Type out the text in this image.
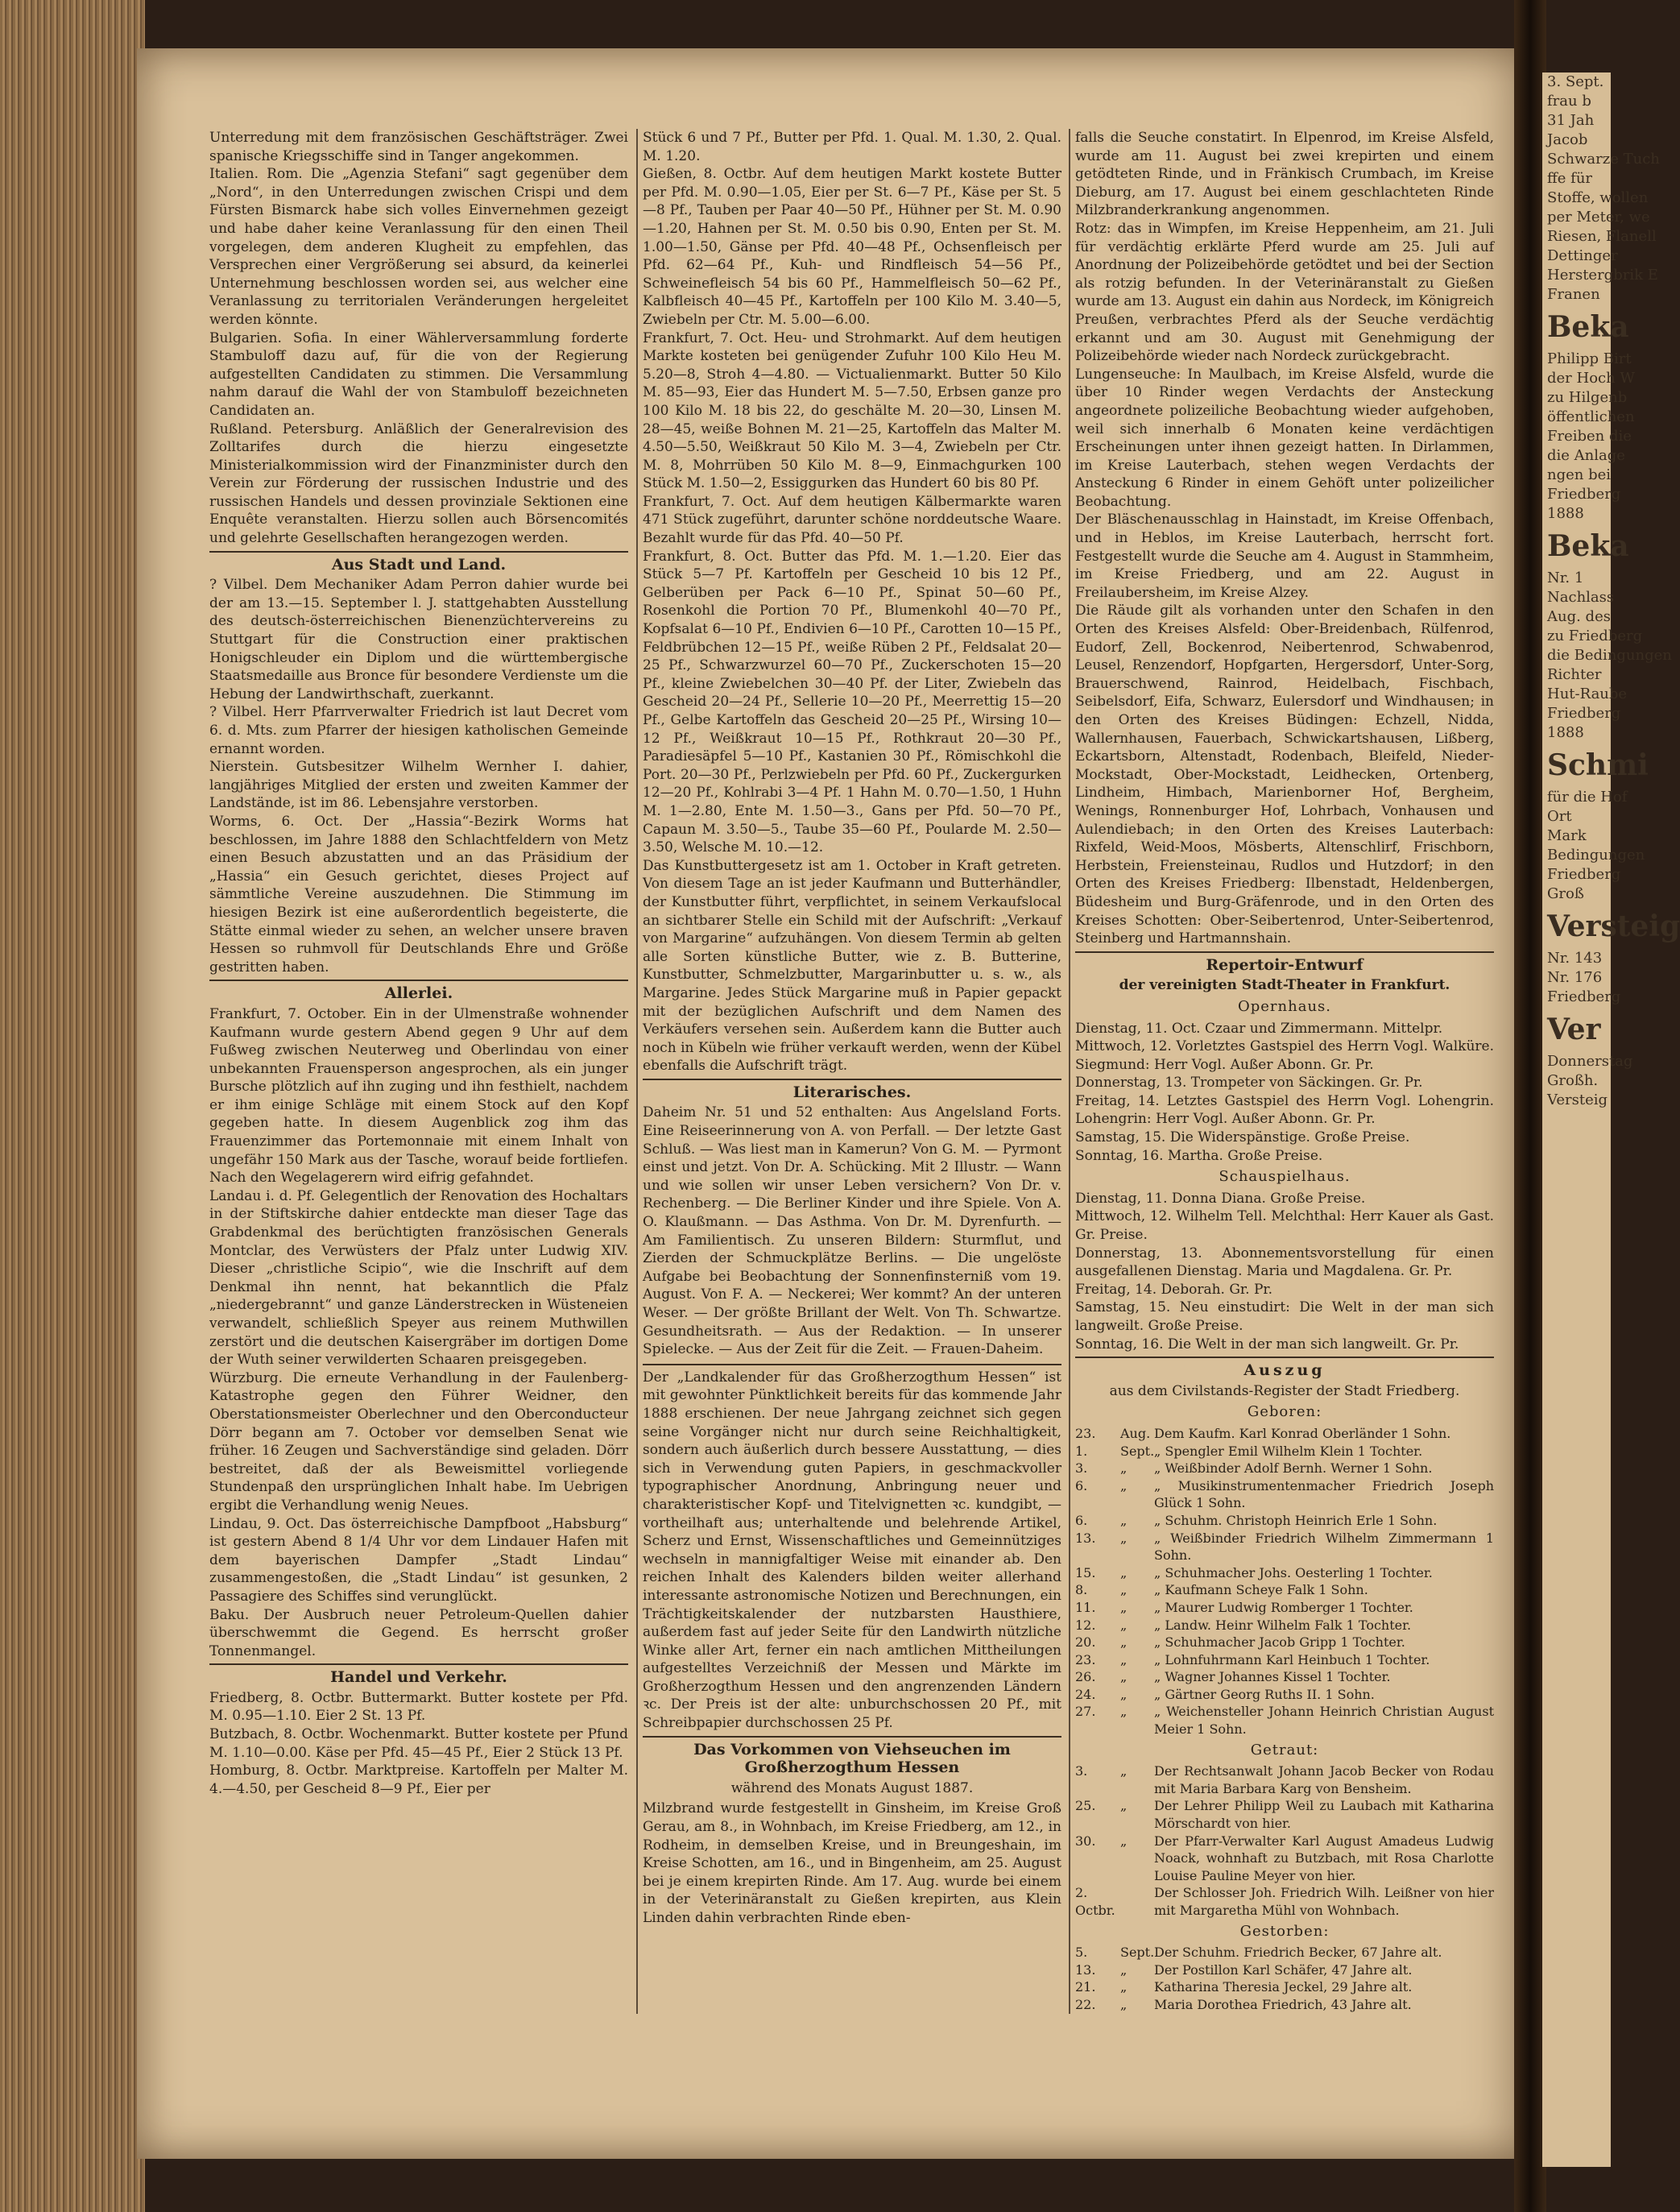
Unterredung mit dem französischen Geschäftsträger. Zwei spanische Kriegsschiffe sind in Tanger angekommen.

Italien. Rom. Die „Agenzia Stefani“ sagt gegenüber dem „Nord“, in den Unterredungen zwischen Crispi und dem Fürsten Bismarck habe sich volles Einvernehmen gezeigt und habe daher keine Veranlassung für den einen Theil vorgelegen, dem anderen Klugheit zu empfehlen, das Versprechen einer Vergrößerung sei absurd, da keinerlei Unternehmung beschlossen worden sei, aus welcher eine Veranlassung zu territorialen Veränderungen hergeleitet werden könnte.

Bulgarien. Sofia. In einer Wählerversammlung forderte Stambuloff dazu auf, für die von der Regierung aufgestellten Candidaten zu stimmen. Die Versammlung nahm darauf die Wahl der von Stambuloff bezeichneten Candidaten an.

Rußland. Petersburg. Anläßlich der Generalrevision des Zolltarifes durch die hierzu eingesetzte Ministerialkommission wird der Finanzminister durch den Verein zur Förderung der russischen Industrie und des russischen Handels und dessen provinziale Sektionen eine Enquête veranstalten. Hierzu sollen auch Börsencomités und gelehrte Gesellschaften herangezogen werden.

Aus Stadt und Land.

? Vilbel. Dem Mechaniker Adam Perron dahier wurde bei der am 13.—15. September l. J. stattgehabten Ausstellung des deutsch-österreichischen Bienenzüchtervereins zu Stuttgart für die Construction einer praktischen Honigschleuder ein Diplom und die württembergische Staatsmedaille aus Bronce für besondere Verdienste um die Hebung der Landwirthschaft, zuerkannt.

? Vilbel. Herr Pfarrverwalter Friedrich ist laut Decret vom 6. d. Mts. zum Pfarrer der hiesigen katholischen Gemeinde ernannt worden.

Nierstein. Gutsbesitzer Wilhelm Wernher I. dahier, langjähriges Mitglied der ersten und zweiten Kammer der Landstände, ist im 86. Lebensjahre verstorben.

Worms, 6. Oct. Der „Hassia“-Bezirk Worms hat beschlossen, im Jahre 1888 den Schlachtfeldern von Metz einen Besuch abzustatten und an das Präsidium der „Hassia“ ein Gesuch gerichtet, dieses Project auf sämmtliche Vereine auszudehnen. Die Stimmung im hiesigen Bezirk ist eine außerordentlich begeisterte, die Stätte einmal wieder zu sehen, an welcher unsere braven Hessen so ruhmvoll für Deutschlands Ehre und Größe gestritten haben.

Allerlei.

Frankfurt, 7. October. Ein in der Ulmenstraße wohnender Kaufmann wurde gestern Abend gegen 9 Uhr auf dem Fußweg zwischen Neuterweg und Oberlindau von einer unbekannten Frauensperson angesprochen, als ein junger Bursche plötzlich auf ihn zuging und ihn festhielt, nachdem er ihm einige Schläge mit einem Stock auf den Kopf gegeben hatte. In diesem Augenblick zog ihm das Frauenzimmer das Portemonnaie mit einem Inhalt von ungefähr 150 Mark aus der Tasche, worauf beide fortliefen. Nach den Wegelagerern wird eifrig gefahndet.

Landau i. d. Pf. Gelegentlich der Renovation des Hochaltars in der Stiftskirche dahier entdeckte man dieser Tage das Grabdenkmal des berüchtigten französischen Generals Montclar, des Verwüsters der Pfalz unter Ludwig XIV. Dieser „christliche Scipio“, wie die Inschrift auf dem Denkmal ihn nennt, hat bekanntlich die Pfalz „niedergebrannt“ und ganze Länderstrecken in Wüsteneien verwandelt, schließlich Speyer aus reinem Muthwillen zerstört und die deutschen Kaisergräber im dortigen Dome der Wuth seiner verwilderten Schaaren preisgegeben.

Würzburg. Die erneute Verhandlung in der Faulenberg-Katastrophe gegen den Führer Weidner, den Oberstationsmeister Oberlechner und den Oberconducteur Dörr begann am 7. October vor demselben Senat wie früher. 16 Zeugen und Sachverständige sind geladen. Dörr bestreitet, daß der als Beweismittel vorliegende Stundenpaß den ursprünglichen Inhalt habe. Im Uebrigen ergibt die Verhandlung wenig Neues.

Lindau, 9. Oct. Das österreichische Dampfboot „Habsburg“ ist gestern Abend 8 1/4 Uhr vor dem Lindauer Hafen mit dem bayerischen Dampfer „Stadt Lindau“ zusammengestoßen, die „Stadt Lindau“ ist gesunken, 2 Passagiere des Schiffes sind verunglückt.

Baku. Der Ausbruch neuer Petroleum-Quellen dahier überschwemmt die Gegend. Es herrscht großer Tonnenmangel.

Handel und Verkehr.

Friedberg, 8. Octbr. Buttermarkt. Butter kostete per Pfd. M. 0.95—1.10. Eier 2 St. 13 Pf.

Butzbach, 8. Octbr. Wochenmarkt. Butter kostete per Pfund M. 1.10—0.00. Käse per Pfd. 45—45 Pf., Eier 2 Stück 13 Pf.

Homburg, 8. Octbr. Marktpreise. Kartoffeln per Malter M. 4.—4.50, per Gescheid 8—9 Pf., Eier per

Stück 6 und 7 Pf., Butter per Pfd. 1. Qual. M. 1.30, 2. Qual. M. 1.20.

Gießen, 8. Octbr. Auf dem heutigen Markt kostete Butter per Pfd. M. 0.90—1.05, Eier per St. 6—7 Pf., Käse per St. 5—8 Pf., Tauben per Paar 40—50 Pf., Hühner per St. M. 0.90—1.20, Hahnen per St. M. 0.50 bis 0.90, Enten per St. M. 1.00—1.50, Gänse per Pfd. 40—48 Pf., Ochsenfleisch per Pfd. 62—64 Pf., Kuh- und Rindfleisch 54—56 Pf., Schweinefleisch 54 bis 60 Pf., Hammelfleisch 50—62 Pf., Kalbfleisch 40—45 Pf., Kartoffeln per 100 Kilo M. 3.40—5, Zwiebeln per Ctr. M. 5.00—6.00.

Frankfurt, 7. Oct. Heu- und Strohmarkt. Auf dem heutigen Markte kosteten bei genügender Zufuhr 100 Kilo Heu M. 5.20—8, Stroh 4—4.80. — Victualienmarkt. Butter 50 Kilo M. 85—93, Eier das Hundert M. 5—7.50, Erbsen ganze pro 100 Kilo M. 18 bis 22, do geschälte M. 20—30, Linsen M. 28—45, weiße Bohnen M. 21—25, Kartoffeln das Malter M. 4.50—5.50, Weißkraut 50 Kilo M. 3—4, Zwiebeln per Ctr. M. 8, Mohrrüben 50 Kilo M. 8—9, Einmachgurken 100 Stück M. 1.50—2, Essiggurken das Hundert 60 bis 80 Pf.

Frankfurt, 7. Oct. Auf dem heutigen Kälbermarkte waren 471 Stück zugeführt, darunter schöne norddeutsche Waare. Bezahlt wurde für das Pfd. 40—50 Pf.

Frankfurt, 8. Oct. Butter das Pfd. M. 1.—1.20. Eier das Stück 5—7 Pf. Kartoffeln per Gescheid 10 bis 12 Pf., Gelberüben per Pack 6—10 Pf., Spinat 50—60 Pf., Rosenkohl die Portion 70 Pf., Blumenkohl 40—70 Pf., Kopfsalat 6—10 Pf., Endivien 6—10 Pf., Carotten 10—15 Pf., Feldbrübchen 12—15 Pf., weiße Rüben 2 Pf., Feldsalat 20—25 Pf., Schwarzwurzel 60—70 Pf., Zuckerschoten 15—20 Pf., kleine Zwiebelchen 30—40 Pf. der Liter, Zwiebeln das Gescheid 20—24 Pf., Sellerie 10—20 Pf., Meerrettig 15—20 Pf., Gelbe Kartoffeln das Gescheid 20—25 Pf., Wirsing 10—12 Pf., Weißkraut 10—15 Pf., Rothkraut 20—30 Pf., Paradiesäpfel 5—10 Pf., Kastanien 30 Pf., Römischkohl die Port. 20—30 Pf., Perlzwiebeln per Pfd. 60 Pf., Zuckergurken 12—20 Pf., Kohlrabi 3—4 Pf. 1 Hahn M. 0.70—1.50, 1 Huhn M. 1—2.80, Ente M. 1.50—3., Gans per Pfd. 50—70 Pf., Capaun M. 3.50—5., Taube 35—60 Pf., Poularde M. 2.50—3.50, Welsche M. 10.—12.

Das Kunstbuttergesetz ist am 1. October in Kraft getreten. Von diesem Tage an ist jeder Kaufmann und Butterhändler, der Kunstbutter führt, verpflichtet, in seinem Verkaufslocal an sichtbarer Stelle ein Schild mit der Aufschrift: „Verkauf von Margarine“ aufzuhängen. Von diesem Termin ab gelten alle Sorten künstliche Butter, wie z. B. Butterine, Kunstbutter, Schmelzbutter, Margarinbutter u. s. w., als Margarine. Jedes Stück Margarine muß in Papier gepackt mit der bezüglichen Aufschrift und dem Namen des Verkäufers versehen sein. Außerdem kann die Butter auch noch in Kübeln wie früher verkauft werden, wenn der Kübel ebenfalls die Aufschrift trägt.

Literarisches.

Daheim Nr. 51 und 52 enthalten: Aus Angelsland Forts. Eine Reiseerinnerung von A. von Perfall. — Der letzte Gast Schluß. — Was liest man in Kamerun? Von G. M. — Pyrmont einst und jetzt. Von Dr. A. Schücking. Mit 2 Illustr. — Wann und wie sollen wir unser Leben versichern? Von Dr. v. Rechenberg. — Die Berliner Kinder und ihre Spiele. Von A. O. Klaußmann. — Das Asthma. Von Dr. M. Dyrenfurth. — Am Familientisch. Zu unseren Bildern: Sturmflut, und Zierden der Schmuckplätze Berlins. — Die ungelöste Aufgabe bei Beobachtung der Sonnenfinsterniß vom 19. August. Von F. A. — Neckerei; Wer kommt? An der unteren Weser. — Der größte Brillant der Welt. Von Th. Schwartze. Gesundheitsrath. — Aus der Redaktion. — In unserer Spielecke. — Aus der Zeit für die Zeit. — Frauen-Daheim.

Der „Landkalender für das Großherzogthum Hessen“ ist mit gewohnter Pünktlichkeit bereits für das kommende Jahr 1888 erschienen. Der neue Jahrgang zeichnet sich gegen seine Vorgänger nicht nur durch seine Reichhaltigkeit, sondern auch äußerlich durch bessere Ausstattung, — dies sich in Verwendung guten Papiers, in geschmackvoller typographischer Anordnung, Anbringung neuer und charakteristischer Kopf- und Titelvignetten ꝛc. kundgibt, — vortheilhaft aus; unterhaltende und belehrende Artikel, Scherz und Ernst, Wissenschaftliches und Gemeinnütziges wechseln in mannigfaltiger Weise mit einander ab. Den reichen Inhalt des Kalenders bilden weiter allerhand interessante astronomische Notizen und Berechnungen, ein Trächtigkeitskalender der nutzbarsten Hausthiere, außerdem fast auf jeder Seite für den Landwirth nützliche Winke aller Art, ferner ein nach amtlichen Mittheilungen aufgestelltes Verzeichniß der Messen und Märkte im Großherzogthum Hessen und den angrenzenden Ländern ꝛc. Der Preis ist der alte: unburchschossen 20 Pf., mit Schreibpapier durchschossen 25 Pf.

Das Vorkommen von Viehseuchen im Großherzogthum Hessen
während des Monats August 1887.

Milzbrand wurde festgestellt in Ginsheim, im Kreise Groß Gerau, am 8., in Wohnbach, im Kreise Friedberg, am 12., in Rodheim, in demselben Kreise, und in Breungeshain, im Kreise Schotten, am 16., und in Bingenheim, am 25. August bei je einem krepirten Rinde. Am 17. Aug. wurde bei einem in der Veterinäranstalt zu Gießen krepirten, aus Klein Linden dahin verbrachten Rinde eben-

falls die Seuche constatirt. In Elpenrod, im Kreise Alsfeld, wurde am 11. August bei zwei krepirten und einem getödteten Rinde, und in Fränkisch Crumbach, im Kreise Dieburg, am 17. August bei einem geschlachteten Rinde Milzbranderkrankung angenommen.

Rotz: das in Wimpfen, im Kreise Heppenheim, am 21. Juli für verdächtig erklärte Pferd wurde am 25. Juli auf Anordnung der Polizeibehörde getödtet und bei der Section als rotzig befunden. In der Veterinäranstalt zu Gießen wurde am 13. August ein dahin aus Nordeck, im Königreich Preußen, verbrachtes Pferd als der Seuche verdächtig erkannt und am 30. August mit Genehmigung der Polizeibehörde wieder nach Nordeck zurückgebracht.

Lungenseuche: In Maulbach, im Kreise Alsfeld, wurde die über 10 Rinder wegen Verdachts der Ansteckung angeordnete polizeiliche Beobachtung wieder aufgehoben, weil sich innerhalb 6 Monaten keine verdächtigen Erscheinungen unter ihnen gezeigt hatten. In Dirlammen, im Kreise Lauterbach, stehen wegen Verdachts der Ansteckung 6 Rinder in einem Gehöft unter polizeilicher Beobachtung.

Der Bläschenausschlag in Hainstadt, im Kreise Offenbach, und in Heblos, im Kreise Lauterbach, herrscht fort. Festgestellt wurde die Seuche am 4. August in Stammheim, im Kreise Friedberg, und am 22. August in Freilaubersheim, im Kreise Alzey.

Die Räude gilt als vorhanden unter den Schafen in den Orten des Kreises Alsfeld: Ober-Breidenbach, Rülfenrod, Eudorf, Zell, Bockenrod, Neibertenrod, Schwabenrod, Leusel, Renzendorf, Hopfgarten, Hergersdorf, Unter-Sorg, Brauerschwend, Rainrod, Heidelbach, Fischbach, Seibelsdorf, Eifa, Schwarz, Eulersdorf und Windhausen; in den Orten des Kreises Büdingen: Echzell, Nidda, Wallernhausen, Fauerbach, Schwickartshausen, Lißberg, Eckartsborn, Altenstadt, Rodenbach, Bleifeld, Nieder-Mockstadt, Ober-Mockstadt, Leidhecken, Ortenberg, Lindheim, Himbach, Marienborner Hof, Bergheim, Wenings, Ronnenburger Hof, Lohrbach, Vonhausen und Aulendiebach; in den Orten des Kreises Lauterbach: Rixfeld, Weid-Moos, Mösberts, Altenschlirf, Frischborn, Herbstein, Freiensteinau, Rudlos und Hutzdorf; in den Orten des Kreises Friedberg: Ilbenstadt, Heldenbergen, Büdesheim und Burg-Gräfenrode, und in den Orten des Kreises Schotten: Ober-Seibertenrod, Unter-Seibertenrod, Steinberg und Hartmannshain.

Repertoir-Entwurf
der vereinigten Stadt-Theater in Frankfurt.
Opernhaus.

Dienstag, 11. Oct. Czaar und Zimmermann. Mittelpr.

Mittwoch, 12. Vorletztes Gastspiel des Herrn Vogl. Walküre. Siegmund: Herr Vogl. Außer Abonn. Gr. Pr.

Donnerstag, 13. Trompeter von Säckingen. Gr. Pr.

Freitag, 14. Letztes Gastspiel des Herrn Vogl. Lohengrin. Lohengrin: Herr Vogl. Außer Abonn. Gr. Pr.

Samstag, 15. Die Widerspänstige. Große Preise.

Sonntag, 16. Martha. Große Preise.

Schauspielhaus.

Dienstag, 11. Donna Diana. Große Preise.

Mittwoch, 12. Wilhelm Tell. Melchthal: Herr Kauer als Gast. Gr. Preise.

Donnerstag, 13. Abonnementsvorstellung für einen ausgefallenen Dienstag. Maria und Magdalena. Gr. Pr.

Freitag, 14. Deborah. Gr. Pr.

Samstag, 15. Neu einstudirt: Die Welt in der man sich langweilt. Große Preise.

Sonntag, 16. Die Welt in der man sich langweilt. Gr. Pr.

Auszug
aus dem Civilstands-Register der Stadt Friedberg.
Geboren:
23.	Aug. Dem Kaufm. Karl Konrad Oberländer 1 Sohn.
1.	Sept. „ Spengler Emil Wilhelm Klein 1 Tochter.
3.	„	„ Weißbinder Adolf Bernh. Werner 1 Sohn.
6.	„	„ Musikinstrumentenmacher Friedrich Joseph Glück 1 Sohn.
6.	„	„ Schuhm. Christoph Heinrich Erle 1 Sohn.
13.	„	„ Weißbinder Friedrich Wilhelm Zimmermann 1 Sohn.
15.	„	„ Schuhmacher Johs. Oesterling 1 Tochter.
8.	„	„ Kaufmann Scheye Falk 1 Sohn.
11.	„	„ Maurer Ludwig Romberger 1 Tochter.
12.	„	„ Landw. Heinr Wilhelm Falk 1 Tochter.
20.	„	„ Schuhmacher Jacob Gripp 1 Tochter.
23.	„	„ Lohnfuhrmann Karl Heinbuch 1 Tochter.
26.	„	„ Wagner Johannes Kissel 1 Tochter.
24.	„	„ Gärtner Georg Ruths II. 1 Sohn.
27.	„	„ Weichensteller Johann Heinrich Christian August Meier 1 Sohn.
Getraut:
3.	„	Der Rechtsanwalt Johann Jacob Becker von Rodau mit Maria Barbara Karg von Bensheim.
25.	„	Der Lehrer Philipp Weil zu Laubach mit Katharina Mörschardt von hier.
30.	„	Der Pfarr-Verwalter Karl August Amadeus Ludwig Noack, wohnhaft zu Butzbach, mit Rosa Charlotte Louise Pauline Meyer von hier.
2. Octbr.
Der Schlosser Joh. Friedrich Wilh. Leißner von hier mit Margaretha Mühl von Wohnbach.
Gestorben:
5.	Sept. Der Schuhm. Friedrich Becker, 67 Jahre alt.
13.	„	Der Postillon Karl Schäfer, 47 Jahre alt.
21.	„	Katharina Theresia Jeckel, 29 Jahre alt.
22.	„	Maria Dorothea Friedrich, 43 Jahre alt.
3. Sept.
frau b
31 Jah
Jacob
Schwarze Tuch
ffe für
Stoffe, wollen
per Meter, we
Riesen, Flanell
Dettinger
Herstergbrik E
Franen
Beka
Philipp Birt
der Hoch W
zu Hilgenb
öffentlichen
Freiben die
die Anlage
ngen bei
Friedberg
1888
Beka
Nr. 1
Nachlass
Aug. des
zu Friedberg
die Bedingungen
Richter
Hut-Raube
Friedberg
1888
Schmi
für die Hof
Ort
Mark
Bedingungen
Friedberg
Groß
Versteig
Nr. 143
Nr. 176
Friedberg
Ver
Donnerstag
Großh.
Versteig
